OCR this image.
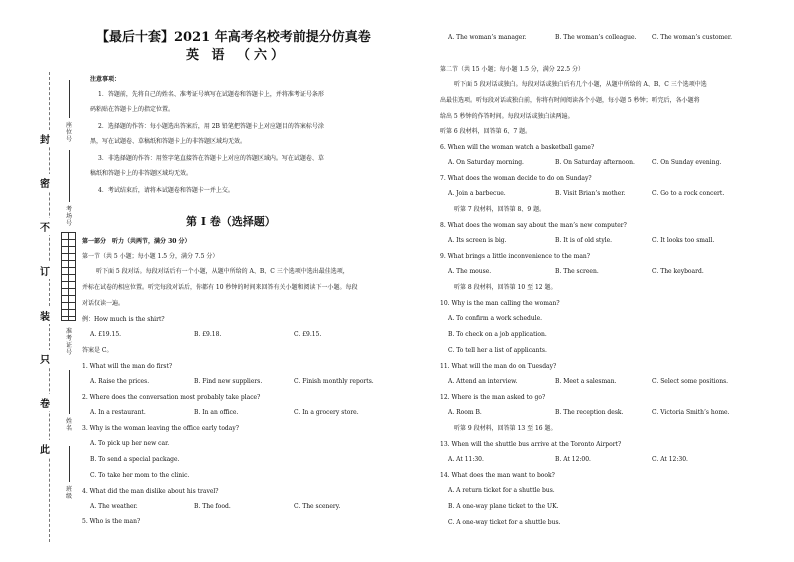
此
卷
只
装
订
不
密
封
座位号
考场号
准考证号
姓名
班级
【最后十套】2021 年高考名校考前提分仿真卷
英 语 （六）
注意事项：
1．答题前，先将自己的姓名、准考证号填写在试题卷和答题卡上，并将准考证号条形
码粘贴在答题卡上的指定位置。
2．选择题的作答：每小题选出答案后，用 2B 铅笔把答题卡上对应题目的答案标号涂
黑，写在试题卷、草稿纸和答题卡上的非答题区域均无效。
3．非选择题的作答：用签字笔直接答在答题卡上对应的答题区域内。写在试题卷、草
稿纸和答题卡上的非答题区域均无效。
4．考试结束后，请将本试题卷和答题卡一并上交。
第 I 卷（选择题）
第一部分　听力（共两节，满分 30 分）
第一节（共 5 小题；每小题 1.5 分，满分 7.5 分）
听下面 5 段对话。每段对话后有一个小题，从题中所给的 A、B、C 三个选项中选出最佳选项，
并标在试卷的相应位置。听完每段对话后，你都有 10 秒钟的时间来回答有关小题和阅读下一小题。每段
对话仅读一遍。
例：How much is the shirt?
A. £19.15.	B. £9.18.	C. £9.15.
答案是 C。
1. What will the man do first?
A. Raise the prices.	B. Find new suppliers.	C. Finish monthly reports.
2. Where does the conversation most probably take place?
A. In a restaurant.	B. In an office.	C. In a grocery store.
3. Why is the woman leaving the office early today?
A. To pick up her new car.
B. To send a special package.
C. To take her mom to the clinic.
4. What did the man dislike about his travel?
A. The weather.	B. The food.	C. The scenery.
5. Who is the man?
A. The woman’s manager.	B. The woman’s colleague.	C. The woman’s customer.
第二节（共 15 小题；每小题 1.5 分，满分 22.5 分）
听下面 5 段对话或独白。每段对话或独白后有几个小题，从题中所给的 A、B、C 三个选项中选
出最佳选项。听每段对话或独白前，你将有时间阅读各个小题，每小题 5 秒钟；听完后，各小题将
给出 5 秒钟的作答时间。每段对话或独白读两遍。
听第 6 段材料，回答第 6、7 题。
6. When will the woman watch a basketball game?
A. On Saturday morning.	B. On Saturday afternoon.	C. On Sunday evening.
7. What does the woman decide to do on Sunday?
A. Join a barbecue.	B. Visit Brian’s mother.	C. Go to a rock concert.
听第 7 段材料，回答第 8、9 题。
8. What does the woman say about the man’s new computer?
A. Its screen is big.	B. It is of old style.	C. It looks too small.
9. What brings a little inconvenience to the man?
A. The mouse.	B. The screen.	C. The keyboard.
听第 8 段材料，回答第 10 至 12 题。
10. Why is the man calling the woman?
A. To confirm a work schedule.
B. To check on a job application.
C. To tell her a list of applicants.
11. What will the man do on Tuesday?
A. Attend an interview.	B. Meet a salesman.	C. Select some positions.
12. Where is the man asked to go?
A. Room B.	B. The reception desk.	C. Victoria Smith’s home.
听第 9 段材料，回答第 13 至 16 题。
13. When will the shuttle bus arrive at the Toronto Airport?
A. At 11:30.	B. At 12:00.	C. At 12:30.
14. What does the man want to book?
A. A return ticket for a shuttle bus.
B. A one-way plane ticket to the UK.
C. A one-way ticket for a shuttle bus.
